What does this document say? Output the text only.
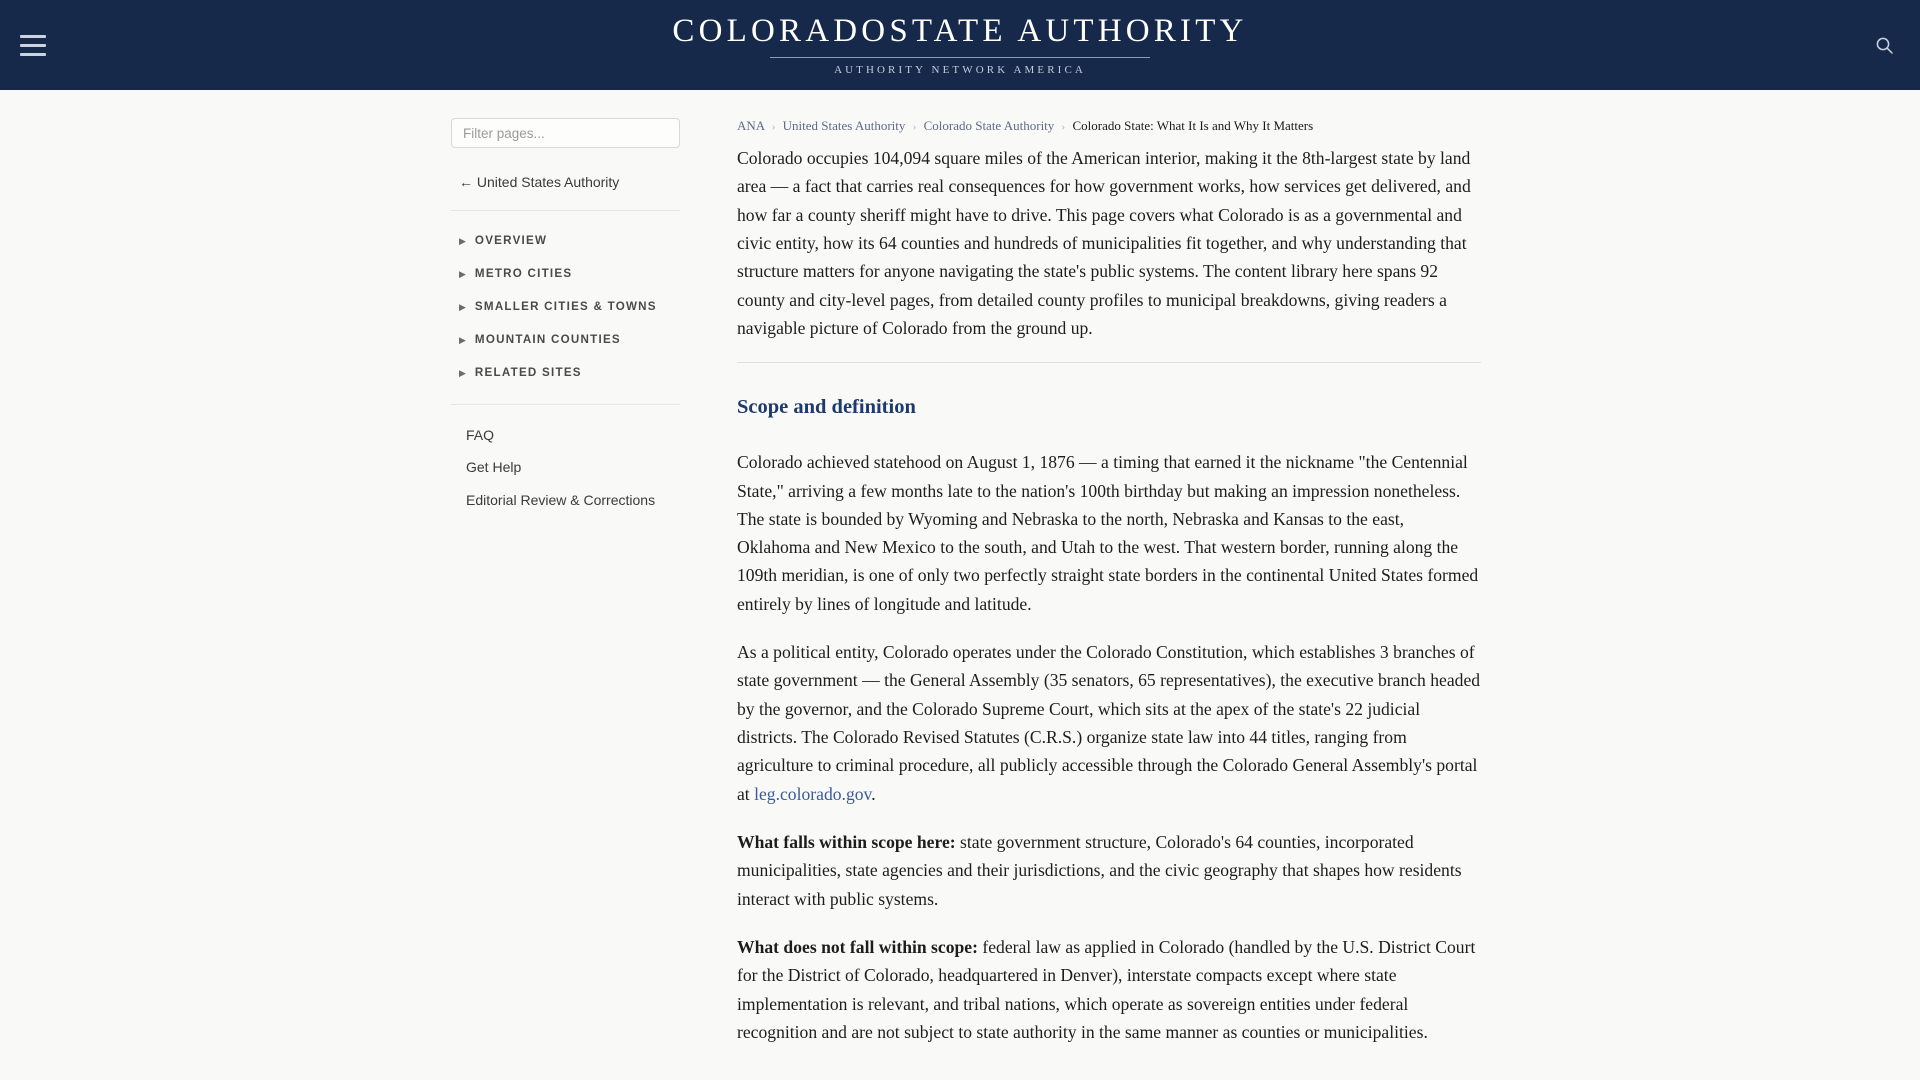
COLORADOSTATE AUTHORITY
AUTHORITY NETWORK AMERICA
Filter pages...
← United States Authority
▶ OVERVIEW
▶ METRO CITIES
▶ SMALLER CITIES & TOWNS
▶ MOUNTAIN COUNTIES
▶ RELATED SITES
FAQ
Get Help
Editorial Review & Corrections
ANA › United States Authority › Colorado State Authority › Colorado State: What It Is and Why It Matters

Colorado occupies 104,094 square miles of the American interior, making it the 8th-largest state by land area — a fact that carries real consequences for how government works, how services get delivered, and how far a county sheriff might have to drive. This page covers what Colorado is as a governmental and civic entity, how its 64 counties and hundreds of municipalities fit together, and why understanding that structure matters for anyone navigating the state's public systems. The content library here spans 92 county and city-level pages, from detailed county profiles to municipal breakdowns, giving readers a navigable picture of Colorado from the ground up.

Scope and definition

Colorado achieved statehood on August 1, 1876 — a timing that earned it the nickname "the Centennial State," arriving a few months late to the nation's 100th birthday but making an impression nonetheless. The state is bounded by Wyoming and Nebraska to the north, Nebraska and Kansas to the east, Oklahoma and New Mexico to the south, and Utah to the west. That western border, running along the 109th meridian, is one of only two perfectly straight state borders in the continental United States formed entirely by lines of longitude and latitude.

As a political entity, Colorado operates under the Colorado Constitution, which establishes 3 branches of state government — the General Assembly (35 senators, 65 representatives), the executive branch headed by the governor, and the Colorado Supreme Court, which sits at the apex of the state's 22 judicial districts. The Colorado Revised Statutes (C.R.S.) organize state law into 44 titles, ranging from agriculture to criminal procedure, all publicly accessible through the Colorado General Assembly's portal at leg.colorado.gov.

What falls within scope here: state government structure, Colorado's 64 counties, incorporated municipalities, state agencies and their jurisdictions, and the civic geography that shapes how residents interact with public systems.

What does not fall within scope: federal law as applied in Colorado (handled by the U.S. District Court for the District of Colorado, headquartered in Denver), interstate compacts except where state implementation is relevant, and tribal nations, which operate as sovereign entities under federal recognition and are not subject to state authority in the same manner as counties or municipalities.
